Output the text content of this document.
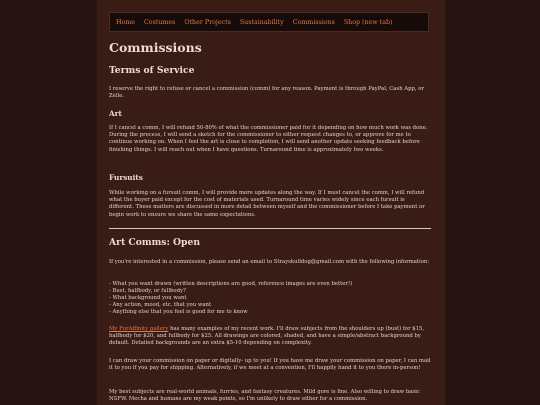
Home Costumes Other Projects Sustainability Commissions Shop (new tab)
Commissions
Terms of Service

I reserve the right to refuse or cancel a commission (comm) for any reason. Payment is through PayPal, Cash App, or Zelle.

Art

If I cancel a comm, I will refund 50-80% of what the commissioner paid for it depending on how much work was done. During the process, I will send a sketch for the commissioner to either request changes to, or approve for me to continue working on. When I feel the art is close to completion, I will send another update seeking feedback before finishing things. I will reach out when I have questions. Turnaround time is approximately two weeks.

Fursuits

While working on a fursuit comm, I will provide more updates along the way. If I must cancel the comm, I will refund what the buyer paid except for the cost of materials used. Turnaround time varies widely since each fursuit is different. These matters are discussed in more detail between myself and the commissioner before I take payment or begin work to ensure we share the same expectations.

Art Comms: Open

If you're interested in a commission, please send an email to Strayskulldog@gmail.com with the following information:

- What you want drawn (written descriptions are good, reference images are even better!)

- Bust, halfbody, or fullbody?

- What background you want

- Any action, mood, etc. that you want

- Anything else that you feel is good for me to know

My FurAffinity gallery has many examples of my recent work. I'll draw subjects from the shoulders up (bust) for $15, halfbody for $20, and fullbody for $25. All drawings are colored, shaded, and have a simple/abstract background by default. Detailed backgrounds are an extra $5-10 depending on complexity.

I can draw your commission on paper or digitally- up to you! If you have me draw your commission on paper, I can mail it to you if you pay for shipping. Alternatively, if we meet at a convention, I'll happily hand it to you there in-person!

My best subjects are real-world animals, furries, and fantasy creatures. Mild gore is fine. Also willing to draw basic NSFW. Mecha and humans are my weak points, so I'm unlikely to draw either for a commission.
